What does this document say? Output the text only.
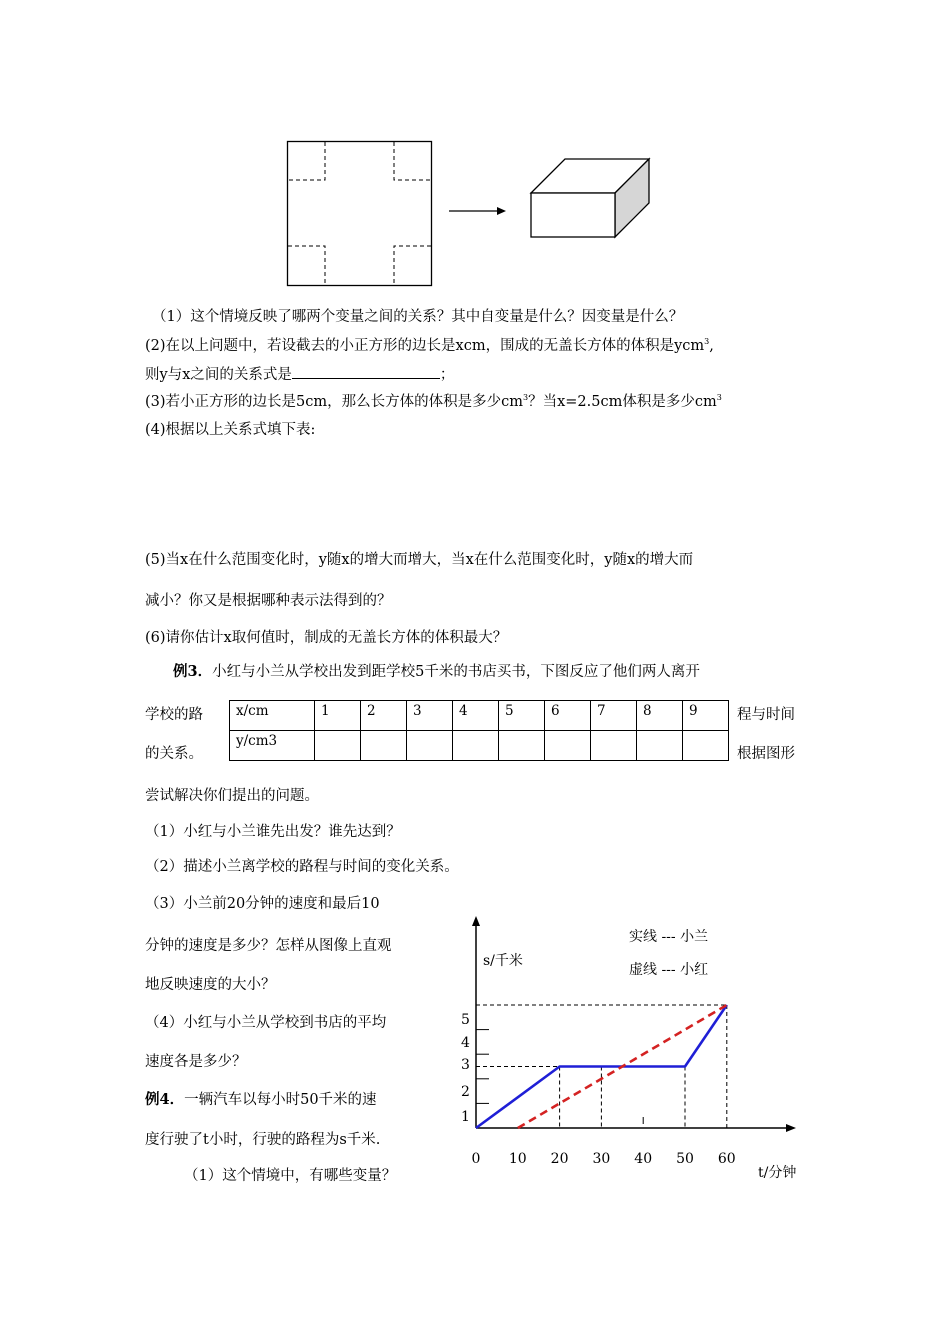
（1）这个情境反映了哪两个变量之间的关系？其中自变量是什么？因变量是什么？
(2)在以上问题中，若设截去的小正方形的边长是xcm，围成的无盖长方体的体积是ycm$^3$,
则y与x之间的关系式是	；
(3)若小正方形的边长是5cm，那么长方体的体积是多少$cm^3$？当x=2.5cm体积是多少$cm^3$
(4)根据以上关系式填下表:
(5)当x在什么范围变化时，y随x的增大而增大，当x在什么范围变化时，y随x的增大而
减小？你又是根据哪种表示法得到的？
(6)请你估计x取何值时，制成的无盖长方体的体积最大？
例3．小红与小兰从学校出发到距学校5千米的书店买书，下图反应了他们两人离开
学校的路	程与时间
的关系。	根据图形
x/cm	1	2	3	4	5	6	7	8	9
y/cm3									
尝试解决你们提出的问题。
（1）小红与小兰谁先出发？谁先达到？
（2）描述小兰离学校的路程与时间的变化关系。
（3）小兰前20分钟的速度和最后10
分钟的速度是多少？怎样从图像上直观
地反映速度的大小？
（4）小红与小兰从学校到书店的平均
速度各是多少？
例4．一辆汽车以每小时50千米的速
度行驶了t小时，行驶的路程为s千米.
（1）这个情境中，有哪些变量？
0 10 20 30 40 50 60
1
2
3
4
5
s/千米
t/分钟
实线 --- 小兰
虚线 --- 小红
